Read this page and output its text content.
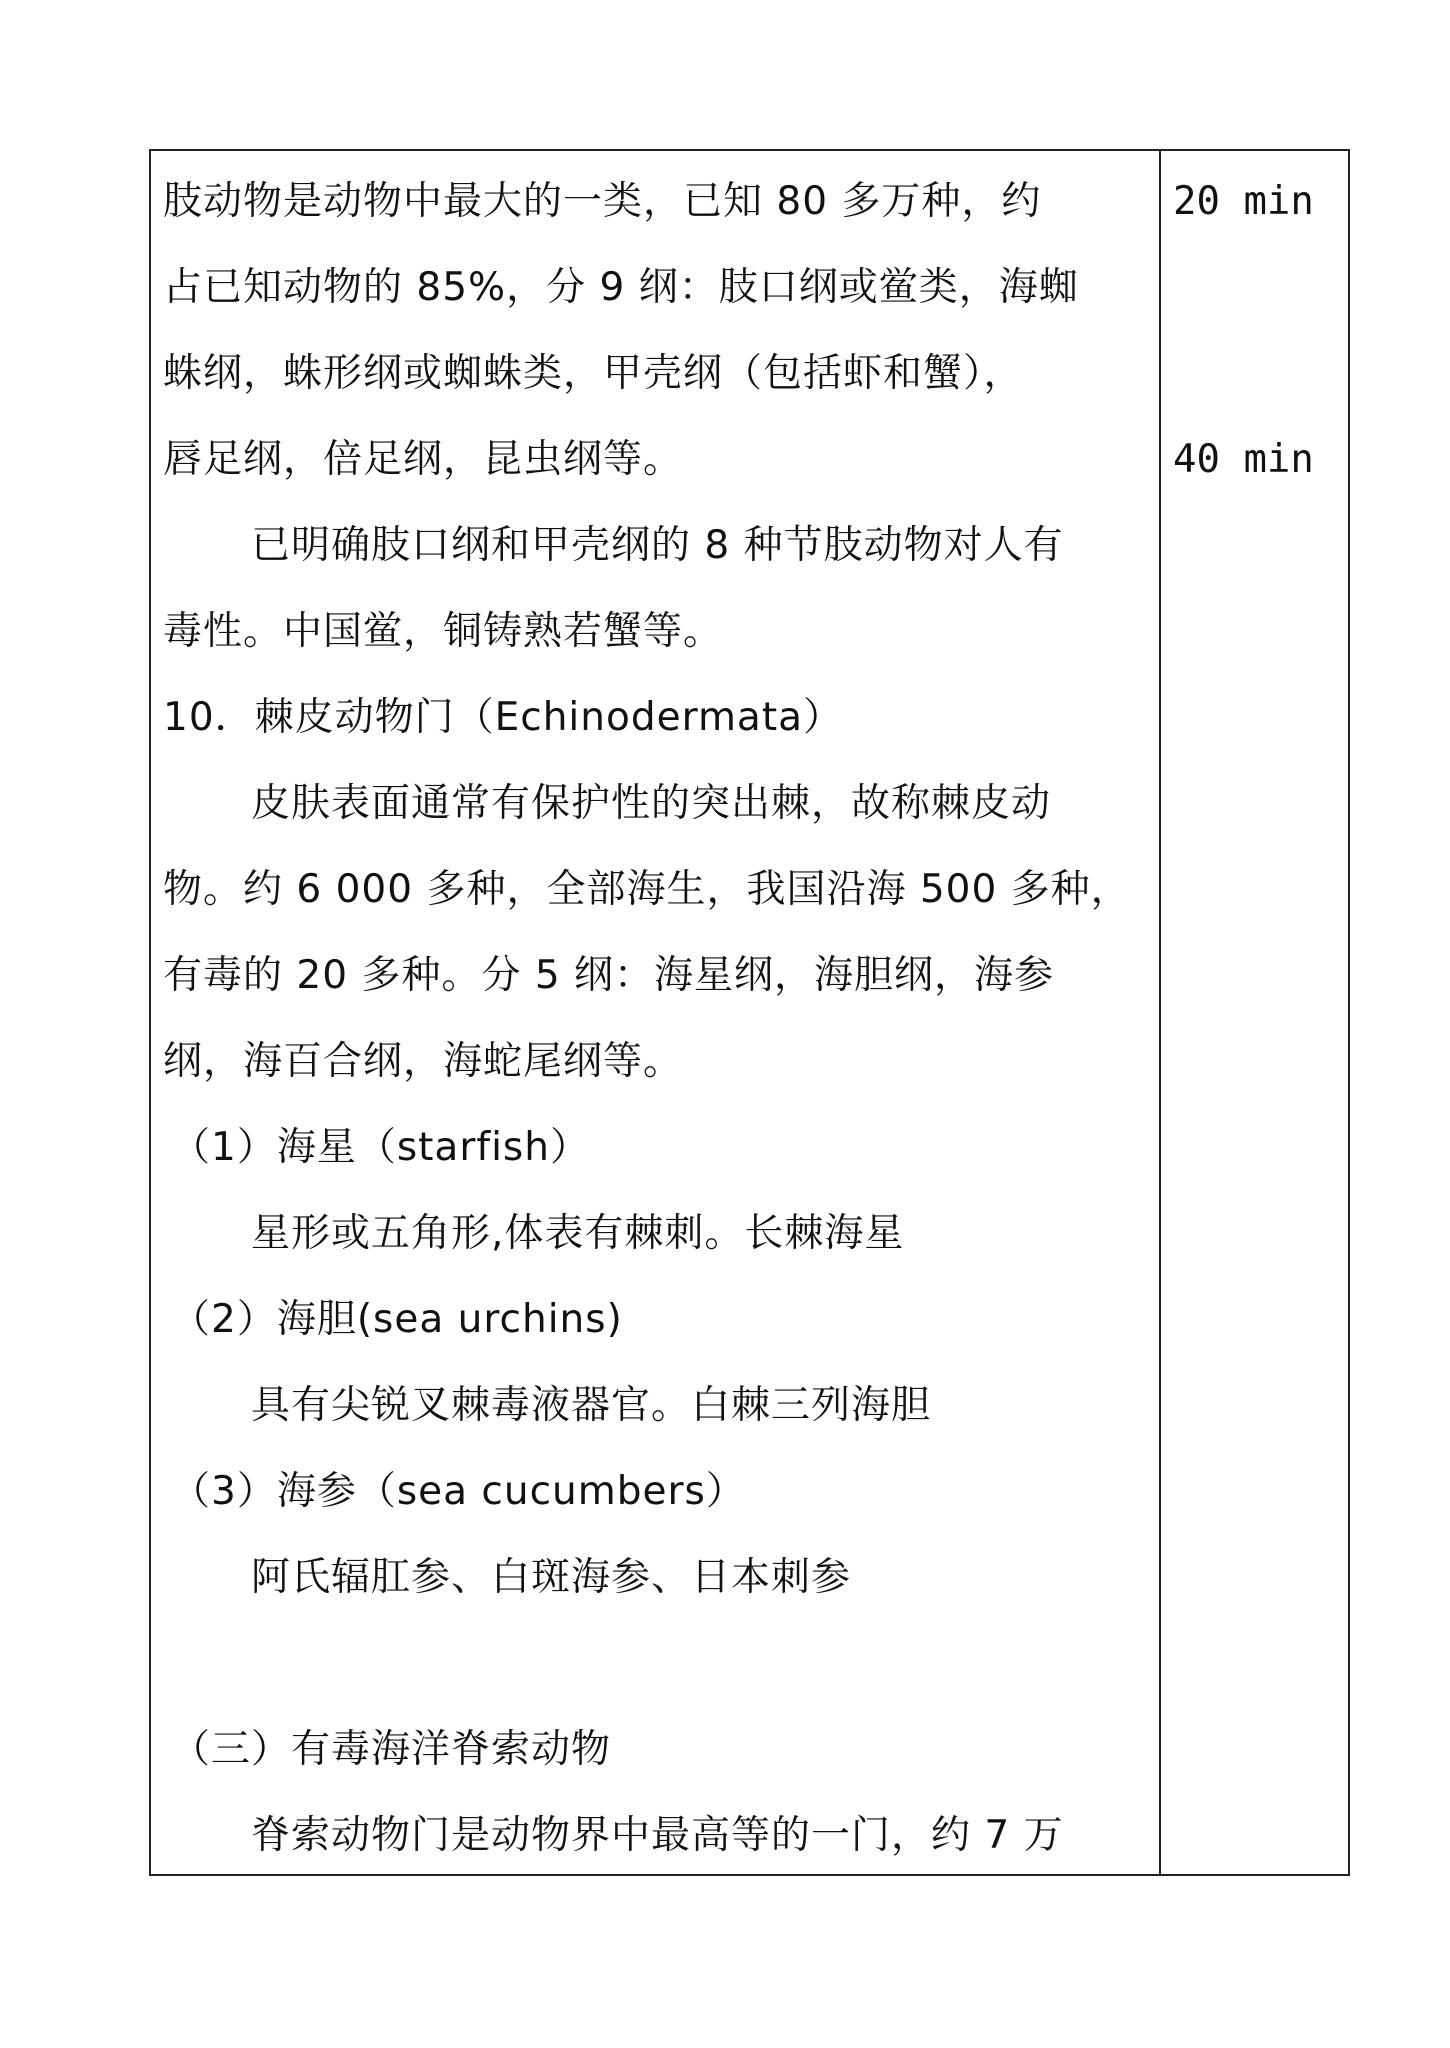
肢动物是动物中最大的一类，已知 80 多万种，约
占已知动物的 85%，分 9 纲：肢口纲或鲎类，海蜘
蛛纲，蛛形纲或蜘蛛类，甲壳纲（包括虾和蟹），
唇足纲，倍足纲，昆虫纲等。
已明确肢口纲和甲壳纲的 8 种节肢动物对人有
毒性。中国鲎，铜铸熟若蟹等。
10．棘皮动物门（Echinodermata）
皮肤表面通常有保护性的突出棘，故称棘皮动
物。约 6 000 多种，全部海生，我国沿海 500 多种，
有毒的 20 多种。分 5 纲：海星纲，海胆纲，海参
纲，海百合纲，海蛇尾纲等。
（1）海星（starfish）
星形或五角形,体表有棘刺。长棘海星
（2）海胆(sea urchins)
具有尖锐叉棘毒液器官。白棘三列海胆
（3）海参（sea cucumbers）
阿氏辐肛参、白斑海参、日本刺参
（三）有毒海洋脊索动物
脊索动物门是动物界中最高等的一门，约 7 万
20 min
40 min
